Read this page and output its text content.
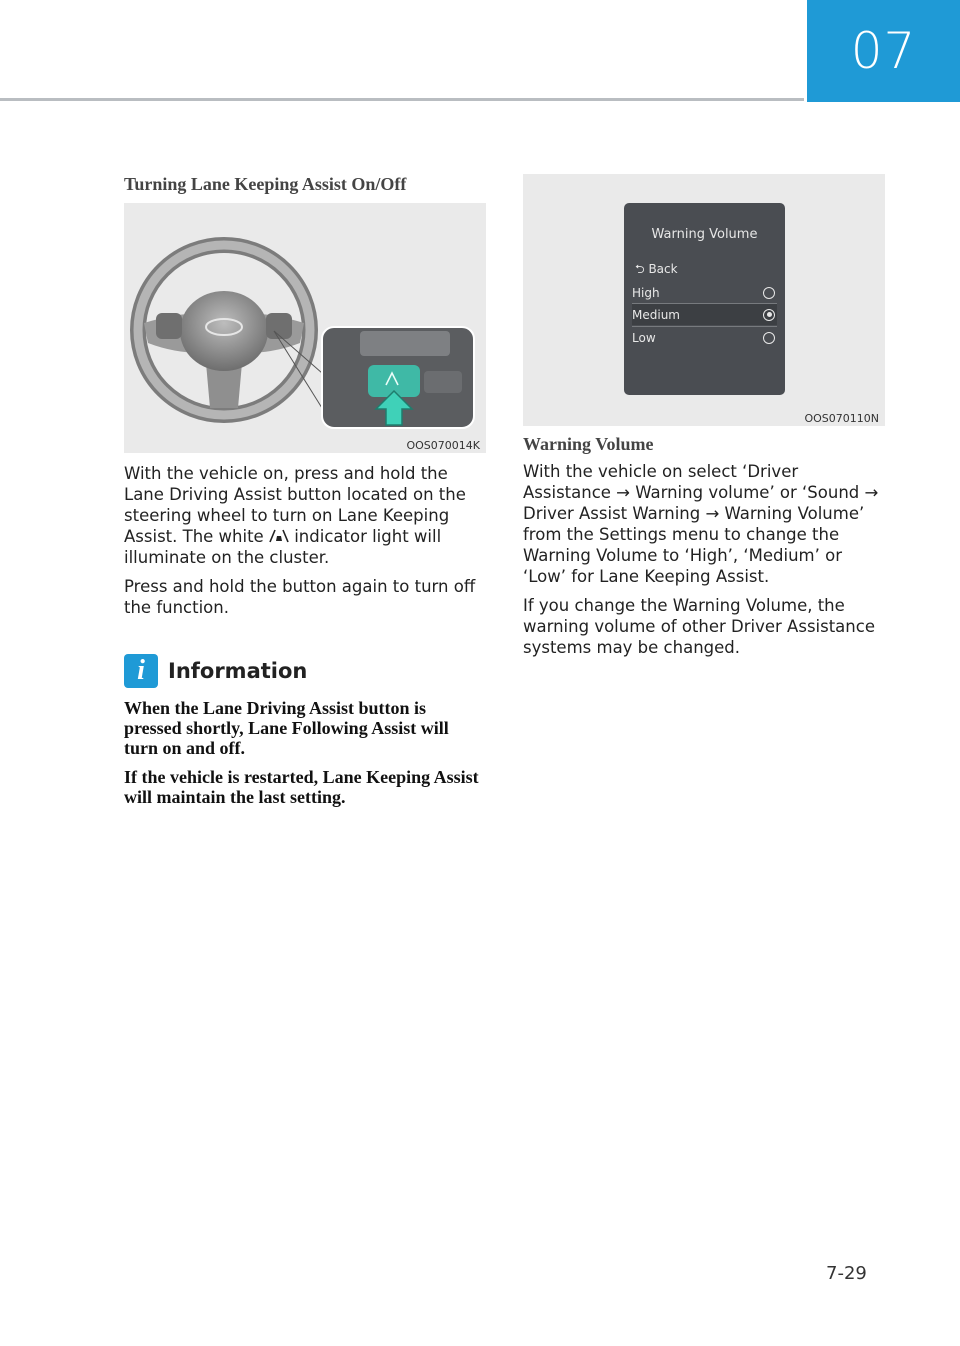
07
Turning Lane Keeping Assist On/Off
OOS070014K

With the vehicle on, press and hold the Lane Driving Assist button located on the steering wheel to turn on Lane Keeping Assist. The white indicator light will illuminate on the cluster.

Press and hold the button again to turn off the function.

i	Information

When the Lane Driving Assist button is pressed shortly, Lane Following Assist will turn on and off.

If the vehicle is restarted, Lane Keeping Assist will maintain the last setting.

Warning Volume
⮌ Back
High
Medium
Low
OOS070110N
Warning Volume

With the vehicle on select ‘Driver Assistance → Warning volume’ or ‘Sound → Driver Assist Warning → Warning Volume’ from the Settings menu to change the Warning Volume to ‘High’, ‘Medium’ or ‘Low’ for Lane Keeping Assist.

If you change the Warning Volume, the warning volume of other Driver Assistance systems may be changed.

7-29
